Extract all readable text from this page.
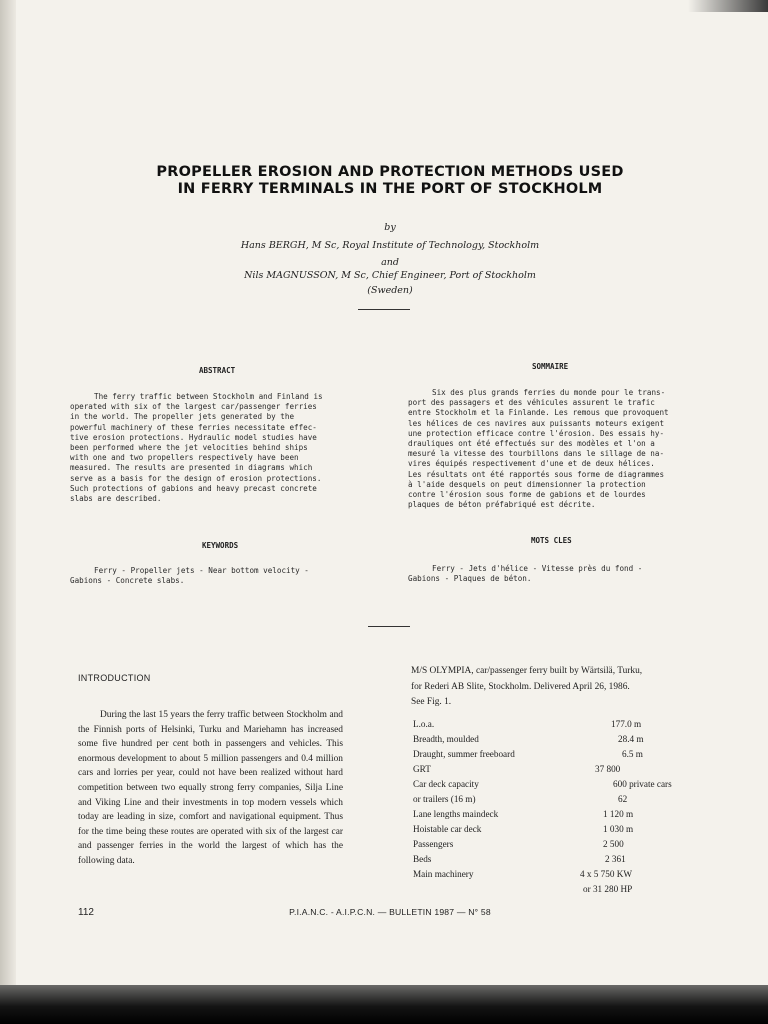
PROPELLER EROSION AND PROTECTION METHODS USED
IN FERRY TERMINALS IN THE PORT OF STOCKHOLM
by
Hans BERGH, M Sc, Royal Institute of Technology, Stockholm
and
Nils MAGNUSSON, M Sc, Chief Engineer, Port of Stockholm
(Sweden)
ABSTRACT
The ferry traffic between Stockholm and Finland is
operated with six of the largest car/passenger ferries
in the world. The propeller jets generated by the
powerful machinery of these ferries necessitate effec-
tive erosion protections. Hydraulic model studies have
been performed where the jet velocities behind ships
with one and two propellers respectively have been
measured. The results are presented in diagrams which
serve as a basis for the design of erosion protections.
Such protections of gabions and heavy precast concrete
slabs are described.
SOMMAIRE
Six des plus grands ferries du monde pour le trans-
port des passagers et des véhicules assurent le trafic
entre Stockholm et la Finlande. Les remous que provoquent
les hélices de ces navires aux puissants moteurs exigent
une protection efficace contre l'érosion. Des essais hy-
drauliques ont été effectués sur des modèles et l'on a
mesuré la vitesse des tourbillons dans le sillage de na-
vires équipés respectivement d'une et de deux hélices.
Les résultats ont été rapportés sous forme de diagrammes
à l'aide desquels on peut dimensionner la protection
contre l'érosion sous forme de gabions et de lourdes
plaques de béton préfabriqué est décrite.
KEYWORDS
Ferry - Propeller jets - Near bottom velocity -
Gabions - Concrete slabs.
MOTS CLES
Ferry - Jets d'hélice - Vitesse près du fond -
Gabions - Plaques de béton.
INTRODUCTION

During the last 15 years the ferry traffic between Stockholm and the Finnish ports of Helsinki, Turku and Mariehamn has increased some five hundred per cent both in passengers and vehicles. This enormous development to about 5 million passengers and 0.4 million cars and lorries per year, could not have been realized without hard competition between two equally strong ferry companies, Silja Line and Viking Line and their investments in top modern vessels which today are leading in size, comfort and navigational equipment. Thus for the time being these routes are operated with six of the largest car and passenger ferries in the world the largest of which has the following data.

M/S OLYMPIA, car/passenger ferry built by Wärtsilä, Turku,
for Rederi AB Slite, Stockholm. Delivered April 26, 1986.
See Fig. 1.
L.o.a.	177.0 m
Breadth, moulded	28.4 m
Draught, summer freeboard	6.5 m
GRT	37 800
Car deck capacity	600 private cars
or trailers (16 m)	62
Lane lengths maindeck	1 120 m
Hoistable car deck	1 030 m
Passengers	2 500
Beds	2 361
Main machinery	4 x 5 750 KW
or 31 280 HP
112	P.I.A.N.C. - A.I.P.C.N. — BULLETIN 1987 — N° 58
